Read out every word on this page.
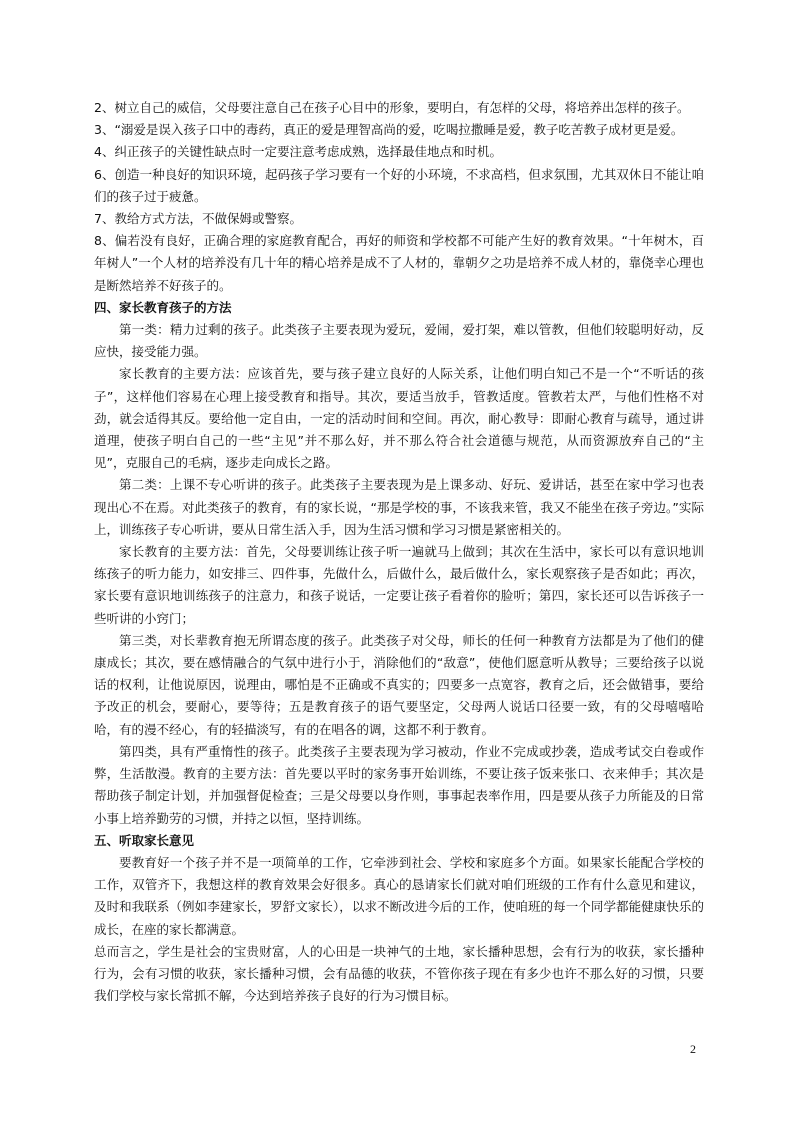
2、树立自己的威信，父母要注意自己在孩子心目中的形象，要明白，有怎样的父母，将培养出怎样的孩子。

3、“溺爱是误入孩子口中的毒药，真正的爱是理智高尚的爱，吃喝拉撒睡是爱，教子吃苦教子成材更是爱。

4、纠正孩子的关键性缺点时一定要注意考虑成熟，选择最佳地点和时机。

6、创造一种良好的知识环境，起码孩子学习要有一个好的小环境，不求高档，但求氛围，尤其双休日不能让咱们的孩子过于疲惫。

7、教给方式方法，不做保姆或警察。

8、偏若没有良好，正确合理的家庭教育配合，再好的师资和学校都不可能产生好的教育效果。“十年树木，百年树人”一个人材的培养没有几十年的精心培养是成不了人材的，靠朝夕之功是培养不成人材的，靠侥幸心理也是断然培养不好孩子的。

四、家长教育孩子的方法

第一类：精力过剩的孩子。此类孩子主要表现为爱玩，爱闹，爱打架，难以管教，但他们较聪明好动，反应快，接受能力强。

家长教育的主要方法：应该首先，要与孩子建立良好的人际关系，让他们明白知己不是一个“不听话的孩子”，这样他们容易在心理上接受教育和指导。其次，要适当放手，管教适度。管教若太严，与他们性格不对劲，就会适得其反。要给他一定自由，一定的活动时间和空间。再次，耐心教导：即耐心教育与疏导，通过讲道理，使孩子明白自己的一些“主见”并不那么好，并不那么符合社会道德与规范，从而资源放弃自己的“主见”，克服自己的毛病，逐步走向成长之路。

第二类：上课不专心听讲的孩子。此类孩子主要表现为是上课多动、好玩、爱讲话，甚至在家中学习也表现出心不在焉。对此类孩子的教育，有的家长说，“那是学校的事，不该我来管，我又不能坐在孩子旁边。”实际上，训练孩子专心听讲，要从日常生活入手，因为生活习惯和学习习惯是紧密相关的。

家长教育的主要方法：首先，父母要训练让孩子听一遍就马上做到；其次在生活中，家长可以有意识地训练孩子的听力能力，如安排三、四件事，先做什么，后做什么，最后做什么，家长观察孩子是否如此；再次，家长要有意识地训练孩子的注意力，和孩子说话，一定要让孩子看着你的脸听；第四，家长还可以告诉孩子一些听讲的小窍门；

第三类，对长辈教育抱无所谓态度的孩子。此类孩子对父母，师长的任何一种教育方法都是为了他们的健康成长；其次，要在感情融合的气氛中进行小于，消除他们的“敌意”，使他们愿意听从教导；三要给孩子以说话的权利，让他说原因，说理由，哪怕是不正确或不真实的；四要多一点宽容，教育之后，还会做错事，要给予改正的机会，要耐心，要等待；五是教育孩子的语气要坚定，父母两人说话口径要一致，有的父母嘻嘻哈哈，有的漫不经心，有的轻描淡写，有的在唱各的调，这都不利于教育。

第四类，具有严重惰性的孩子。此类孩子主要表现为学习被动，作业不完成或抄袭，造成考试交白卷或作弊，生活散漫。教育的主要方法：首先要以平时的家务事开始训练，不要让孩子饭来张口、衣来伸手；其次是帮助孩子制定计划，并加强督促检查；三是父母要以身作则，事事起表率作用，四是要从孩子力所能及的日常小事上培养勤劳的习惯，并持之以恒，坚持训练。

五、听取家长意见

要教育好一个孩子并不是一项简单的工作，它牵涉到社会、学校和家庭多个方面。如果家长能配合学校的工作，双管齐下，我想这样的教育效果会好很多。真心的恳请家长们就对咱们班级的工作有什么意见和建议，及时和我联系（例如李建家长，罗舒文家长），以求不断改进今后的工作，使咱班的每一个同学都能健康快乐的成长，在座的家长都满意。

总而言之，学生是社会的宝贵财富，人的心田是一块神气的土地，家长播种思想，会有行为的收获，家长播种行为，会有习惯的收获，家长播种习惯，会有品德的收获，不管你孩子现在有多少也许不那么好的习惯，只要我们学校与家长常抓不解，今达到培养孩子良好的行为习惯目标。

2
